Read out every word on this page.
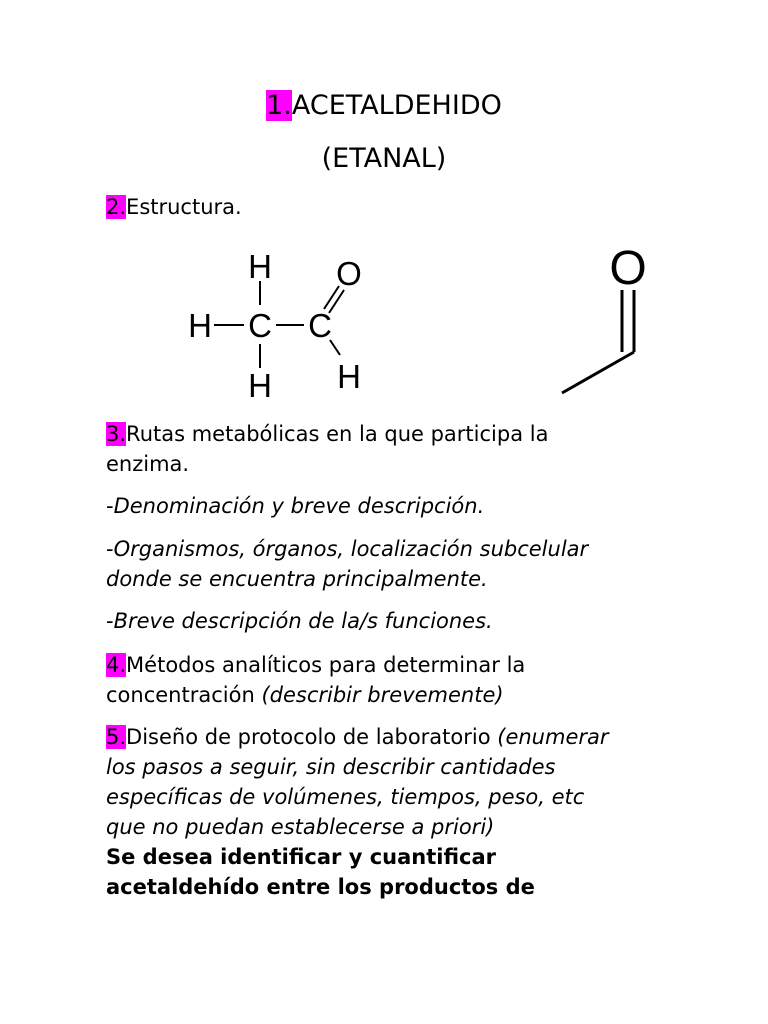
1.ACETALDEHIDO
(ETANAL)
2.Estructura.
H
H C C
H
O
H
O
3.Rutas metabólicas en la que participa la
enzima.
-Denominación y breve descripción.
-Organismos, órganos, localización subcelular
donde se encuentra principalmente.
-Breve descripción de la/s funciones.
4.Métodos analíticos para determinar la
concentración (describir brevemente)
5.Diseño de protocolo de laboratorio (enumerar
los pasos a seguir, sin describir cantidades
específicas de volúmenes, tiempos, peso, etc
que no puedan establecerse a priori)
Se desea identificar y cuantificar
acetaldehído entre los productos de
